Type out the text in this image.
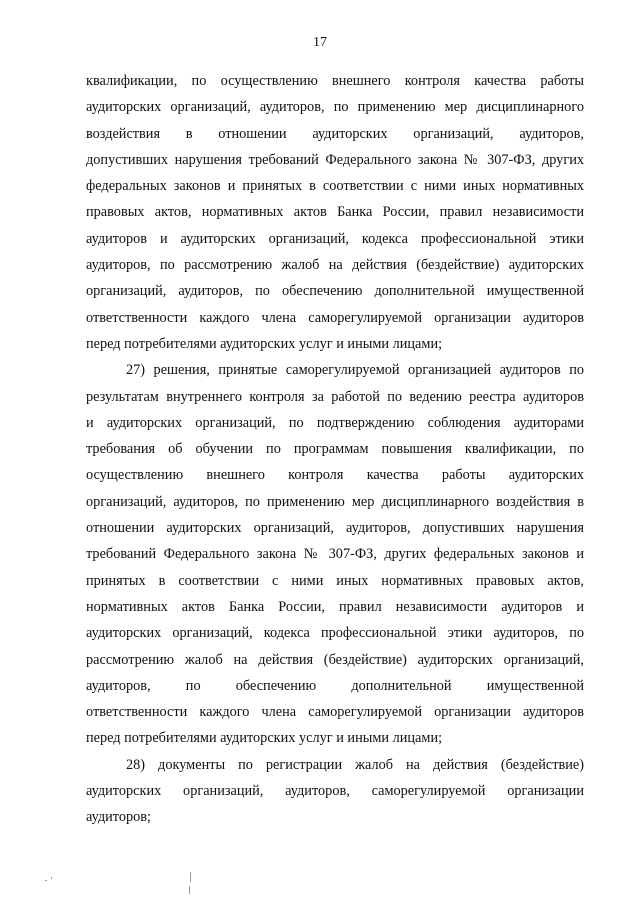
17
квалификации, по осуществлению внешнего контроля качества работы
аудиторских организаций, аудиторов, по применению мер дисциплинарного
воздействия в отношении аудиторских организаций, аудиторов,
допустивших нарушения требований Федерального закона № 307-ФЗ, других
федеральных законов и принятых в соответствии с ними иных нормативных
правовых актов, нормативных актов Банка России, правил независимости
аудиторов и аудиторских организаций, кодекса профессиональной этики
аудиторов, по рассмотрению жалоб на действия (бездействие) аудиторских
организаций, аудиторов, по обеспечению дополнительной имущественной
ответственности каждого члена саморегулируемой организации аудиторов
перед потребителями аудиторских услуг и иными лицами;
27) решения, принятые саморегулируемой организацией аудиторов по
результатам внутреннего контроля за работой по ведению реестра аудиторов
и аудиторских организаций, по подтверждению соблюдения аудиторами
требования об обучении по программам повышения квалификации, по
осуществлению внешнего контроля качества работы аудиторских
организаций, аудиторов, по применению мер дисциплинарного воздействия в
отношении аудиторских организаций, аудиторов, допустивших нарушения
требований Федерального закона № 307-ФЗ, других федеральных законов и
принятых в соответствии с ними иных нормативных правовых актов,
нормативных актов Банка России, правил независимости аудиторов и
аудиторских организаций, кодекса профессиональной этики аудиторов, по
рассмотрению жалоб на действия (бездействие) аудиторских организаций,
аудиторов, по обеспечению дополнительной имущественной
ответственности каждого члена саморегулируемой организации аудиторов
перед потребителями аудиторских услуг и иными лицами;
28) документы по регистрации жалоб на действия (бездействие)
аудиторских организаций, аудиторов, саморегулируемой организации
аудиторов;
